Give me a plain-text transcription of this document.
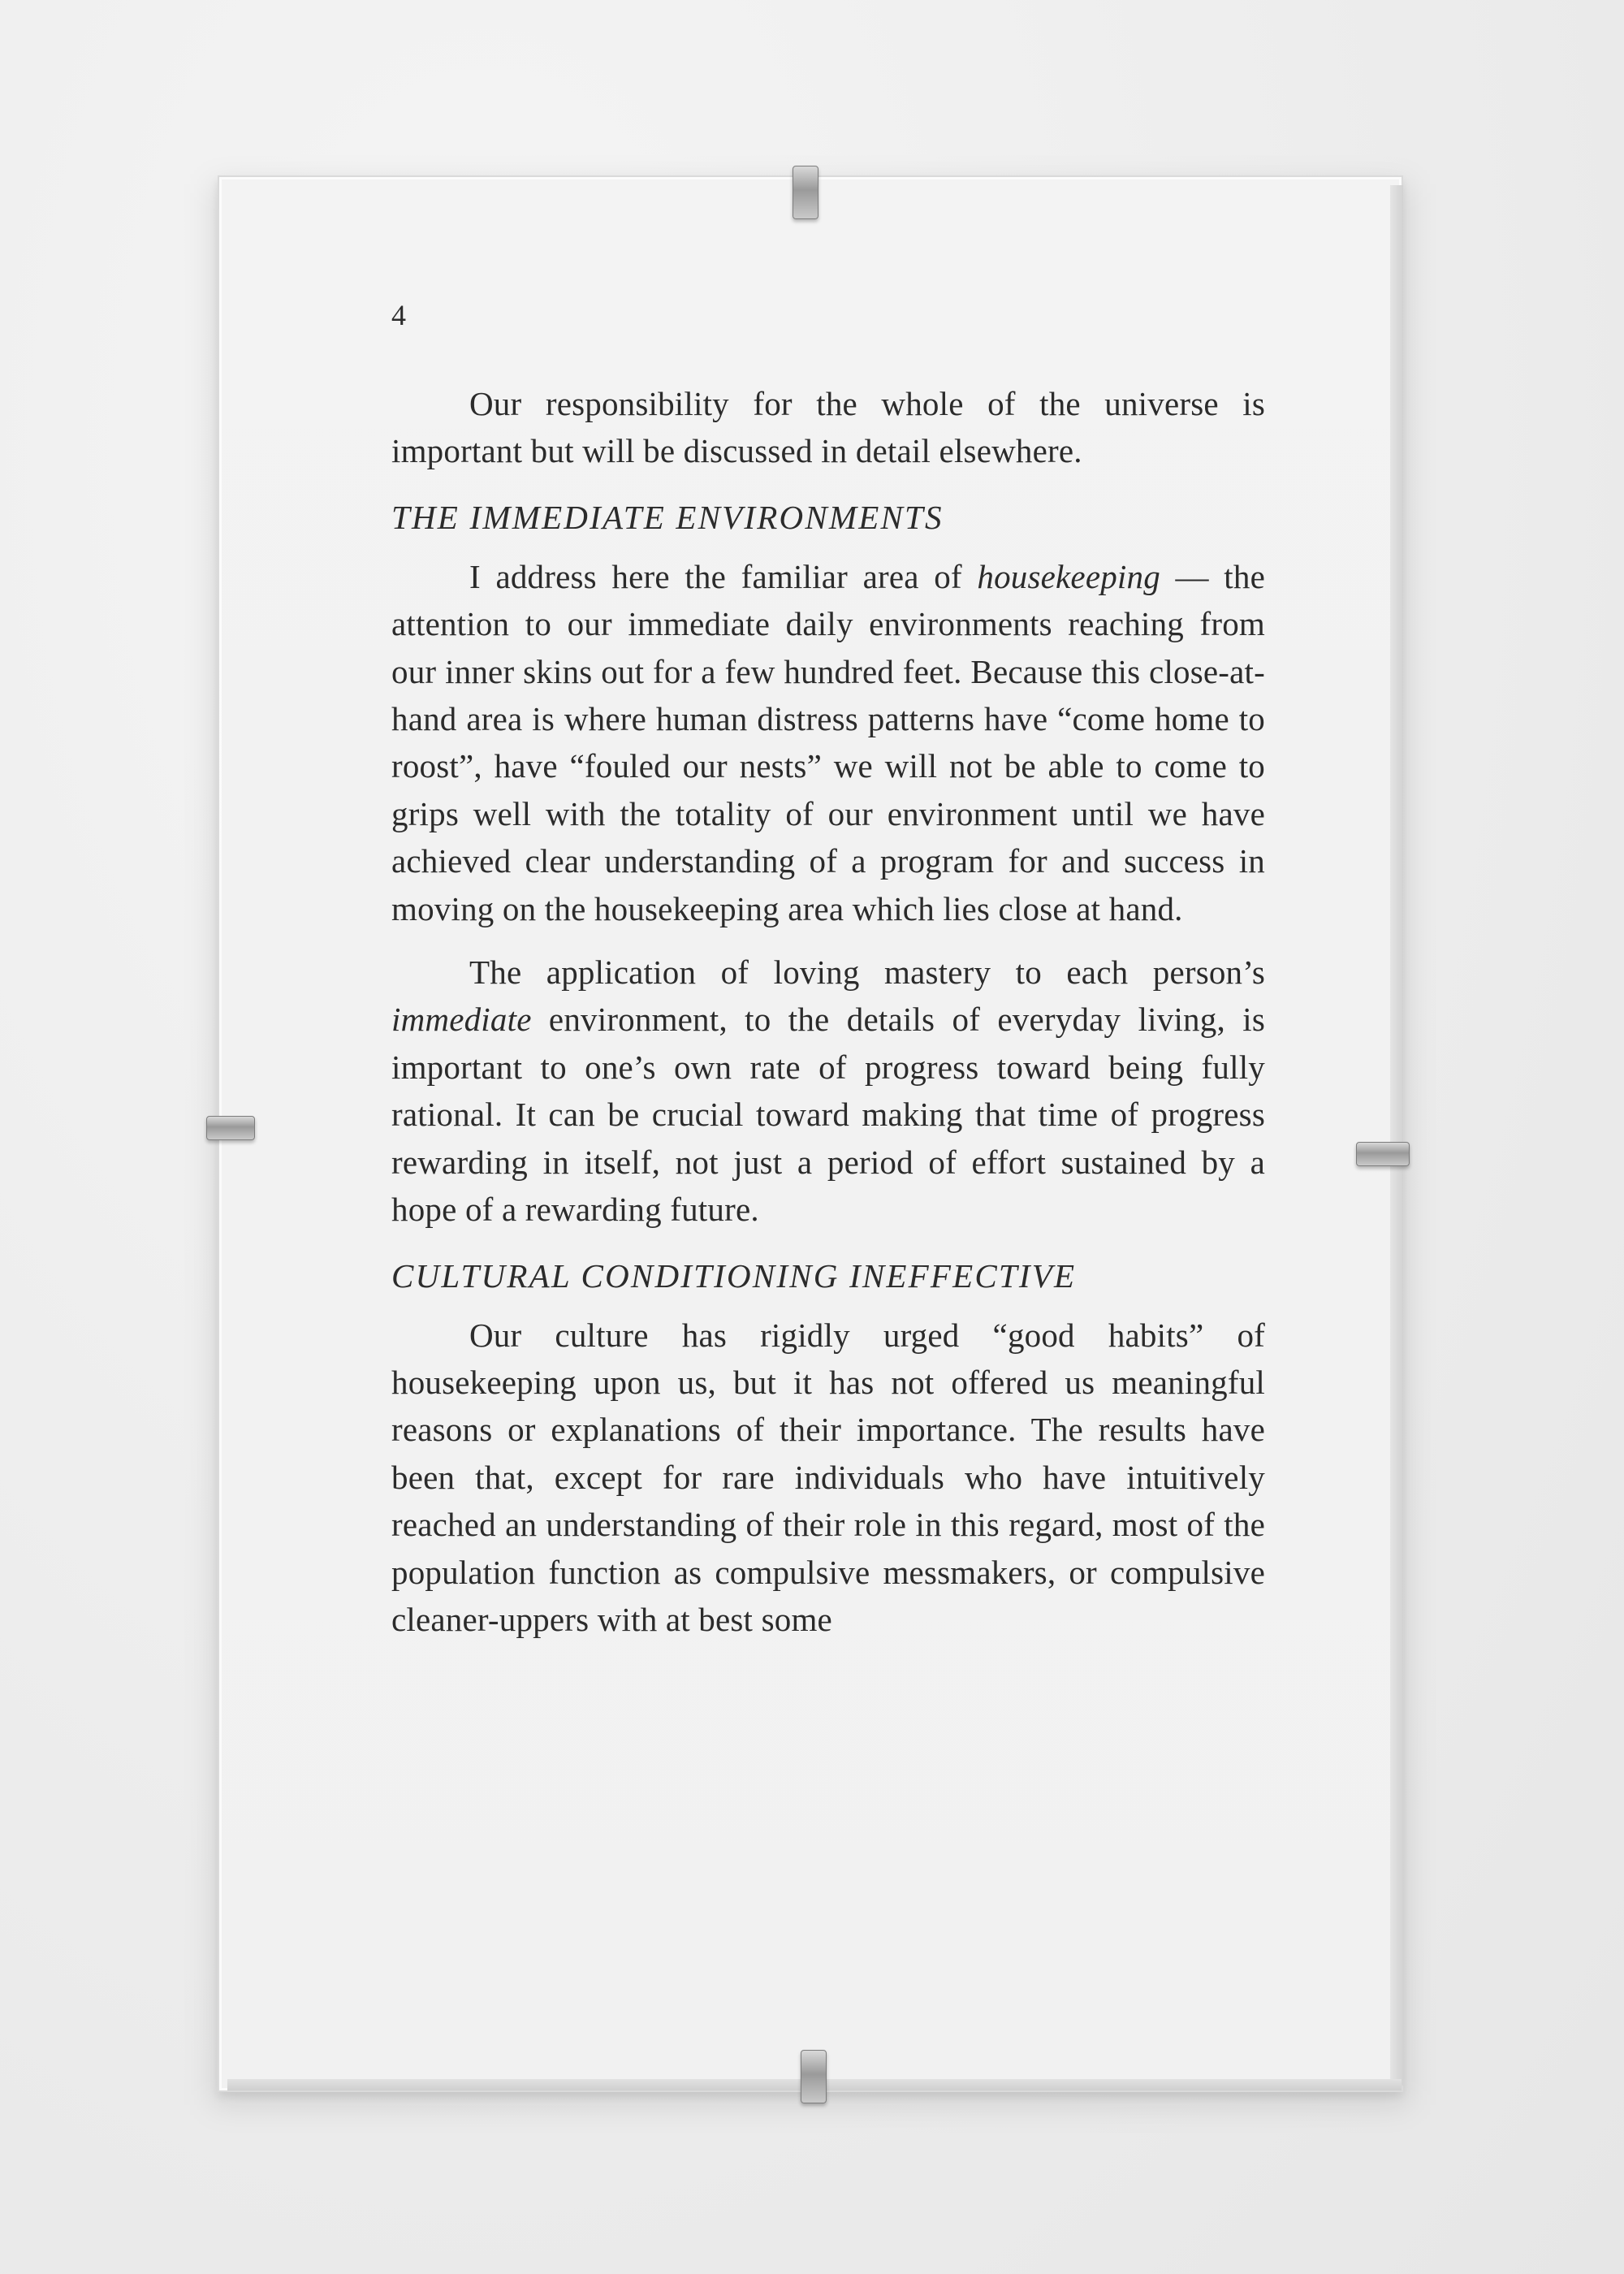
4

Our responsibility for the whole of the universe is important but will be discussed in detail elsewhere.

THE IMMEDIATE ENVIRONMENTS

I address here the familiar area of housekeeping — the attention to our immediate daily environments reaching from our inner skins out for a few hundred feet. Because this close-at-hand area is where human distress patterns have “come home to roost”, have “fouled our nests” we will not be able to come to grips well with the totality of our environment until we have achieved clear understanding of a program for and success in moving on the housekeeping area which lies close at hand.

The application of loving mastery to each person’s immediate environment, to the details of everyday living, is important to one’s own rate of progress toward being fully rational. It can be crucial toward making that time of progress rewarding in itself, not just a period of effort sustained by a hope of a rewarding future.

CULTURAL CONDITIONING INEFFECTIVE

Our culture has rigidly urged “good habits” of housekeeping upon us, but it has not offered us meaningful reasons or explanations of their importance. The results have been that, except for rare individuals who have intuitively reached an understanding of their role in this regard, most of the population function as compulsive messmakers, or compulsive cleaner-uppers with at best some
